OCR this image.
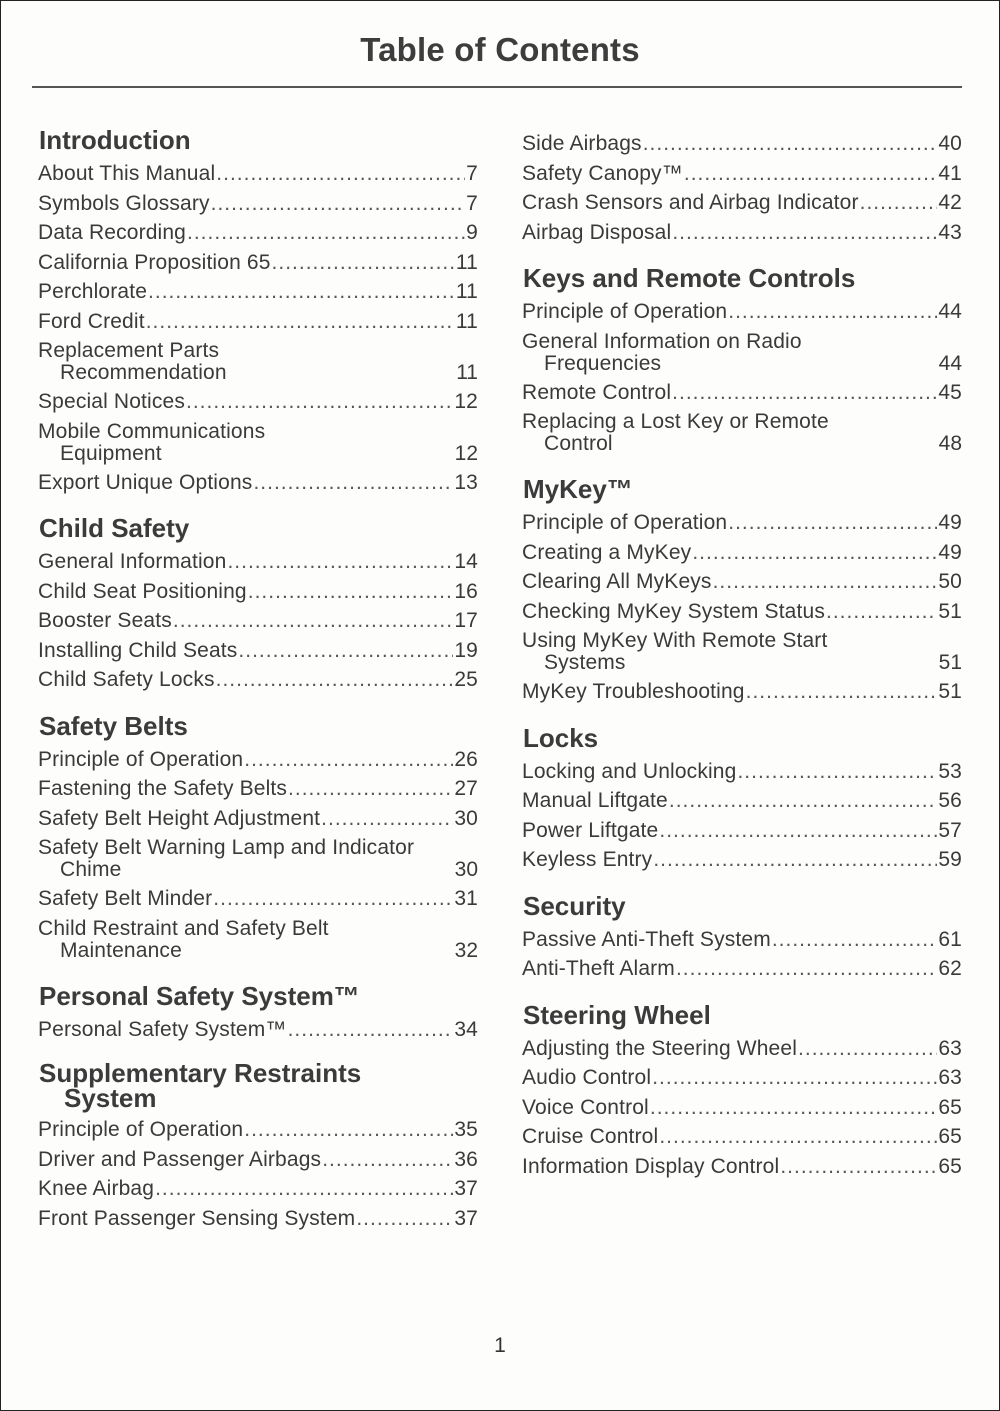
Table of Contents
Introduction
About This Manual .....	7
Symbols Glossary .....	7
Data Recording .....	9
California Proposition 65 .....	11
Perchlorate .....	11
Ford Credit .....	11
Replacement Parts
Recommendation	11
Special Notices .....	12
Mobile Communications
Equipment	12
Export Unique Options .....	13
Child Safety
General Information .....	14
Child Seat Positioning .....	16
Booster Seats .....	17
Installing Child Seats .....	19
Child Safety Locks .....	25
Safety Belts
Principle of Operation .....	26
Fastening the Safety Belts .....	27
Safety Belt Height Adjustment .....	30
Safety Belt Warning Lamp and Indicator
Chime	30
Safety Belt Minder .....	31
Child Restraint and Safety Belt
Maintenance	32
Personal Safety System™
Personal Safety System™ .....	34
Supplementary Restraints
System
Principle of Operation .....	35
Driver and Passenger Airbags .....	36
Knee Airbag .....	37
Front Passenger Sensing System .....	37
Side Airbags .....	40
Safety Canopy™ .....	41
Crash Sensors and Airbag Indicator .....	42
Airbag Disposal .....	43
Keys and Remote Controls
Principle of Operation .....	44
General Information on Radio
Frequencies	44
Remote Control .....	45
Replacing a Lost Key or Remote
Control	48
MyKey™
Principle of Operation .....	49
Creating a MyKey .....	49
Clearing All MyKeys .....	50
Checking MyKey System Status .....	51
Using MyKey With Remote Start
Systems	51
MyKey Troubleshooting .....	51
Locks
Locking and Unlocking .....	53
Manual Liftgate .....	56
Power Liftgate .....	57
Keyless Entry .....	59
Security
Passive Anti-Theft System .....	61
Anti-Theft Alarm .....	62
Steering Wheel
Adjusting the Steering Wheel .....	63
Audio Control .....	63
Voice Control .....	65
Cruise Control .....	65
Information Display Control .....	65
1
